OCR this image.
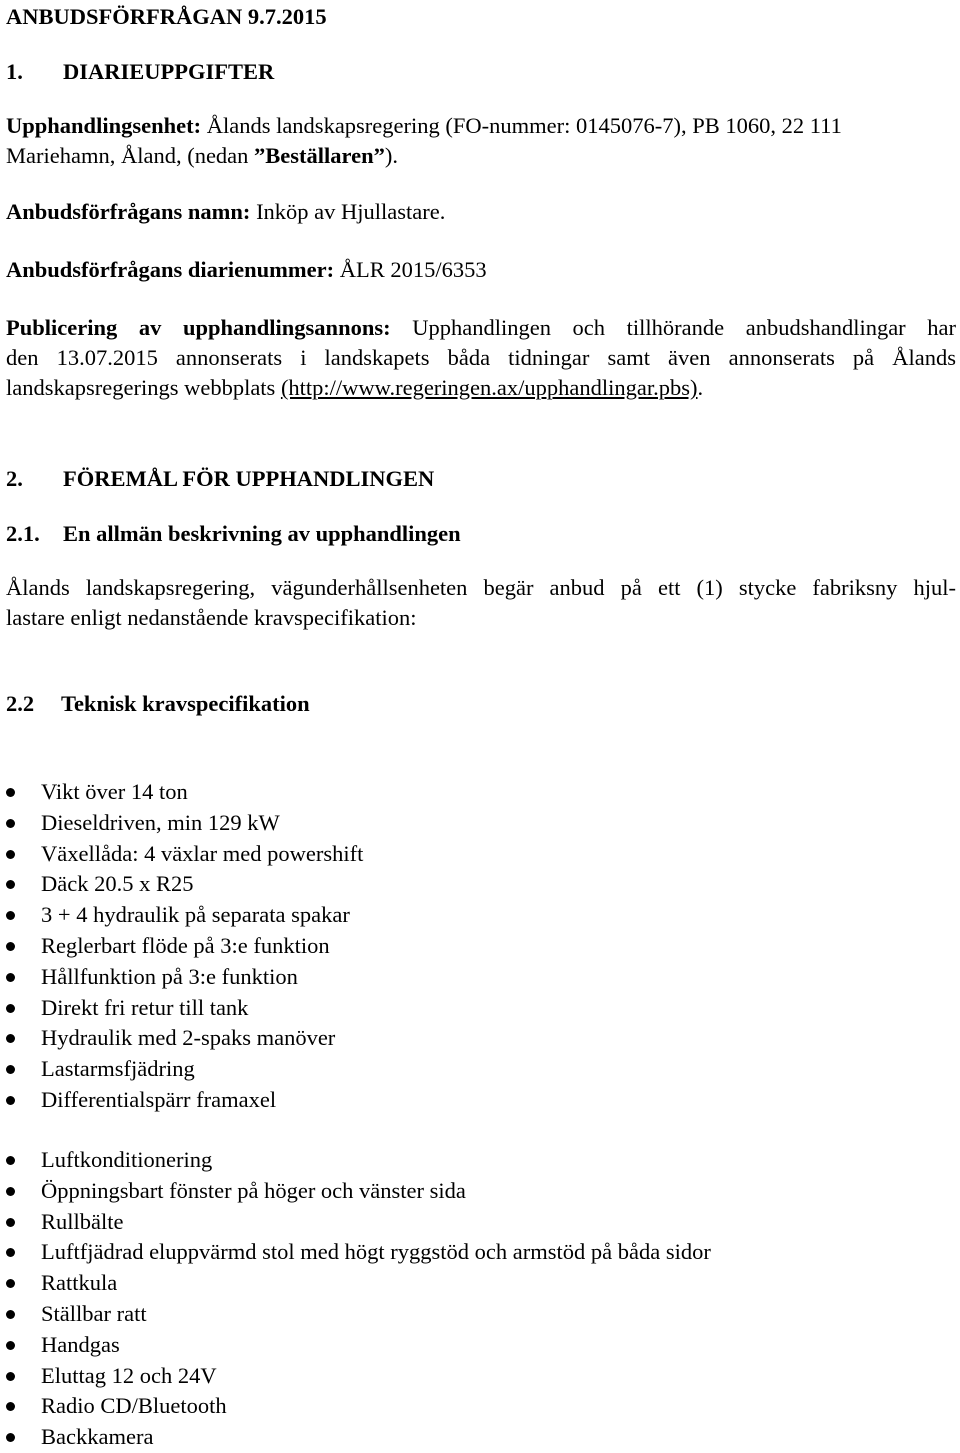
ANBUDSFÖRFRÅGAN 9.7.2015
1. DIARIEUPPGIFTER
Upphandlingsenhet: Ålands landskapsregering (FO-nummer: 0145076-7), PB 1060, 22 111
Mariehamn, Åland, (nedan ”Beställaren”).
Anbudsförfrågans namn: Inköp av Hjullastare.
Anbudsförfrågans diarienummer: ÅLR 2015/6353
Publicering av upphandlingsannons: Upphandlingen och tillhörande anbudshandlingar har
den 13.07.2015 annonserats i landskapets båda tidningar samt även annonserats på Ålands
landskapsregerings webbplats (http://www.regeringen.ax/upphandlingar.pbs).
2. FÖREMÅL FÖR UPPHANDLINGEN
2.1. En allmän beskrivning av upphandlingen
Ålands landskapsregering, vägunderhållsenheten begär anbud på ett (1) stycke fabriksny hjul-
lastare enligt nedanstående kravspecifikation:
2.2 Teknisk kravspecifikation
Vikt över 14 ton
Dieseldriven, min 129 kW
Växellåda: 4 växlar med powershift
Däck 20.5 x R25
3 + 4 hydraulik på separata spakar
Reglerbart flöde på 3:e funktion
Hållfunktion på 3:e funktion
Direkt fri retur till tank
Hydraulik med 2-spaks manöver
Lastarmsfjädring
Differentialspärr framaxel
Luftkonditionering
Öppningsbart fönster på höger och vänster sida
Rullbälte
Luftfjädrad eluppvärmd stol med högt ryggstöd och armstöd på båda sidor
Rattkula
Ställbar ratt
Handgas
Eluttag 12 och 24V
Radio CD/Bluetooth
Backkamera
